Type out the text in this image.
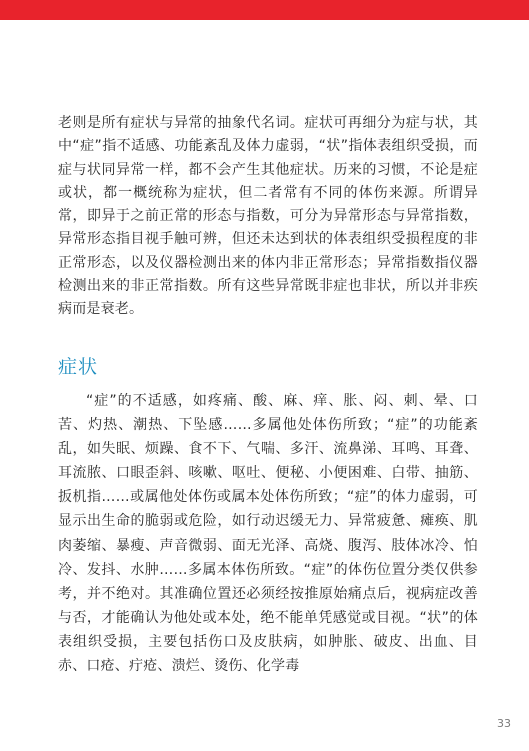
老则是所有症状与异常的抽象代名词。症状可再细分为症与状，其中“症”指不适感、功能紊乱及体力虚弱，“状”指体表组织受损，而症与状同异常一样，都不会产生其他症状。历来的习惯，不论是症或状，都一概统称为症状，但二者常有不同的体伤来源。所谓异常，即异于之前正常的形态与指数，可分为异常形态与异常指数，异常形态指目视手触可辨，但还未达到状的体表组织受损程度的非正常形态，以及仪器检测出来的体内非正常形态；异常指数指仪器检测出来的非正常指数。所有这些异常既非症也非状，所以并非疾病而是衰老。

症状

“症”的不适感，如疼痛、酸、麻、痒、胀、闷、刺、晕、口苦、灼热、潮热、下坠感……多属他处体伤所致；“症”的功能紊乱，如失眠、烦躁、食不下、气喘、多汗、流鼻涕、耳鸣、耳聋、耳流脓、口眼歪斜、咳嗽、呕吐、便秘、小便困难、白带、抽筋、扳机指……或属他处体伤或属本处体伤所致；“症”的体力虚弱，可显示出生命的脆弱或危险，如行动迟缓无力、异常疲惫、瘫痪、肌肉萎缩、暴瘦、声音微弱、面无光泽、高烧、腹泻、肢体冰冷、怕冷、发抖、水肿……多属本体伤所致。“症”的体伤位置分类仅供参考，并不绝对。其准确位置还必须经按推原始痛点后，视病症改善与否，才能确认为他处或本处，绝不能单凭感觉或目视。“状”的体表组织受损，主要包括伤口及皮肤病，如肿胀、破皮、出血、目赤、口疮、疔疮、溃烂、烫伤、化学毒

33
